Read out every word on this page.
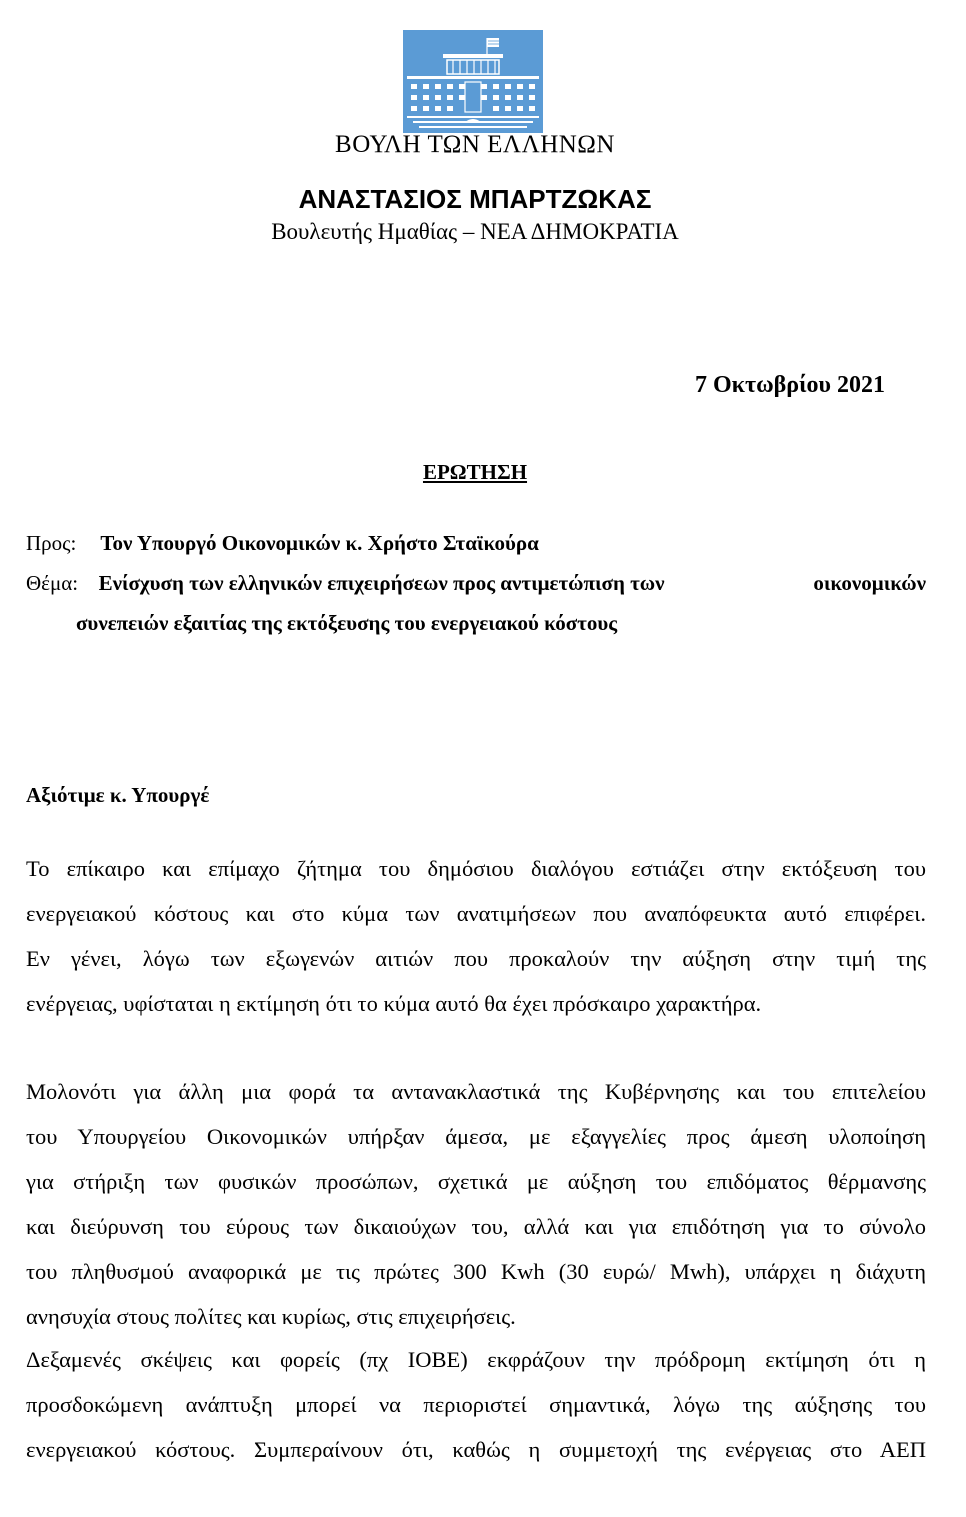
ΒΟΥΛΗ ΤΩΝ ΕΛΛΗΝΩΝ
ΑΝΑΣΤΑΣΙΟΣ ΜΠΑΡΤΖΩΚΑΣ
Βουλευτής Ημαθίας – ΝΕΑ ΔΗΜΟΚΡΑΤΙΑ
7 Οκτωβρίου 2021
ΕΡΩΤΗΣΗ
Προς: Τον Υπουργό Οικονομικών κ. Χρήστο Σταϊκούρα
Θέμα: Ενίσχυση των ελληνικών επιχειρήσεων προς αντιμετώπιση των	οικονομικών
συνεπειών εξαιτίας της εκτόξευσης του ενεργειακού κόστους
Αξιότιμε κ. Υπουργέ
Το επίκαιρο και επίμαχο ζήτημα του δημόσιου διαλόγου εστιάζει στην εκτόξευση του
ενεργειακού κόστους και στο κύμα των ανατιμήσεων που αναπόφευκτα αυτό επιφέρει.
Εν γένει, λόγω των εξωγενών αιτιών που προκαλούν την αύξηση στην τιμή της
ενέργειας, υφίσταται η εκτίμηση ότι το κύμα αυτό θα έχει πρόσκαιρο χαρακτήρα.
Μολονότι για άλλη μια φορά τα αντανακλαστικά της Κυβέρνησης και του επιτελείου
του Υπουργείου Οικονομικών υπήρξαν άμεσα, με εξαγγελίες προς άμεση υλοποίηση
για στήριξη των φυσικών προσώπων, σχετικά με αύξηση του επιδόματος θέρμανσης
και διεύρυνση του εύρους των δικαιούχων του, αλλά και για επιδότηση για το σύνολο
του πληθυσμού αναφορικά με τις πρώτες 300 Kwh (30 ευρώ/ Mwh), υπάρχει η διάχυτη
ανησυχία στους πολίτες και κυρίως, στις επιχειρήσεις.
Δεξαμενές σκέψεις και φορείς (πχ ΙΟΒΕ) εκφράζουν την πρόδρομη εκτίμηση ότι η
προσδοκώμενη ανάπτυξη μπορεί να περιοριστεί σημαντικά, λόγω της αύξησης του
ενεργειακού κόστους. Συμπεραίνουν ότι, καθώς η συμμετοχή της ενέργειας στο ΑΕΠ
